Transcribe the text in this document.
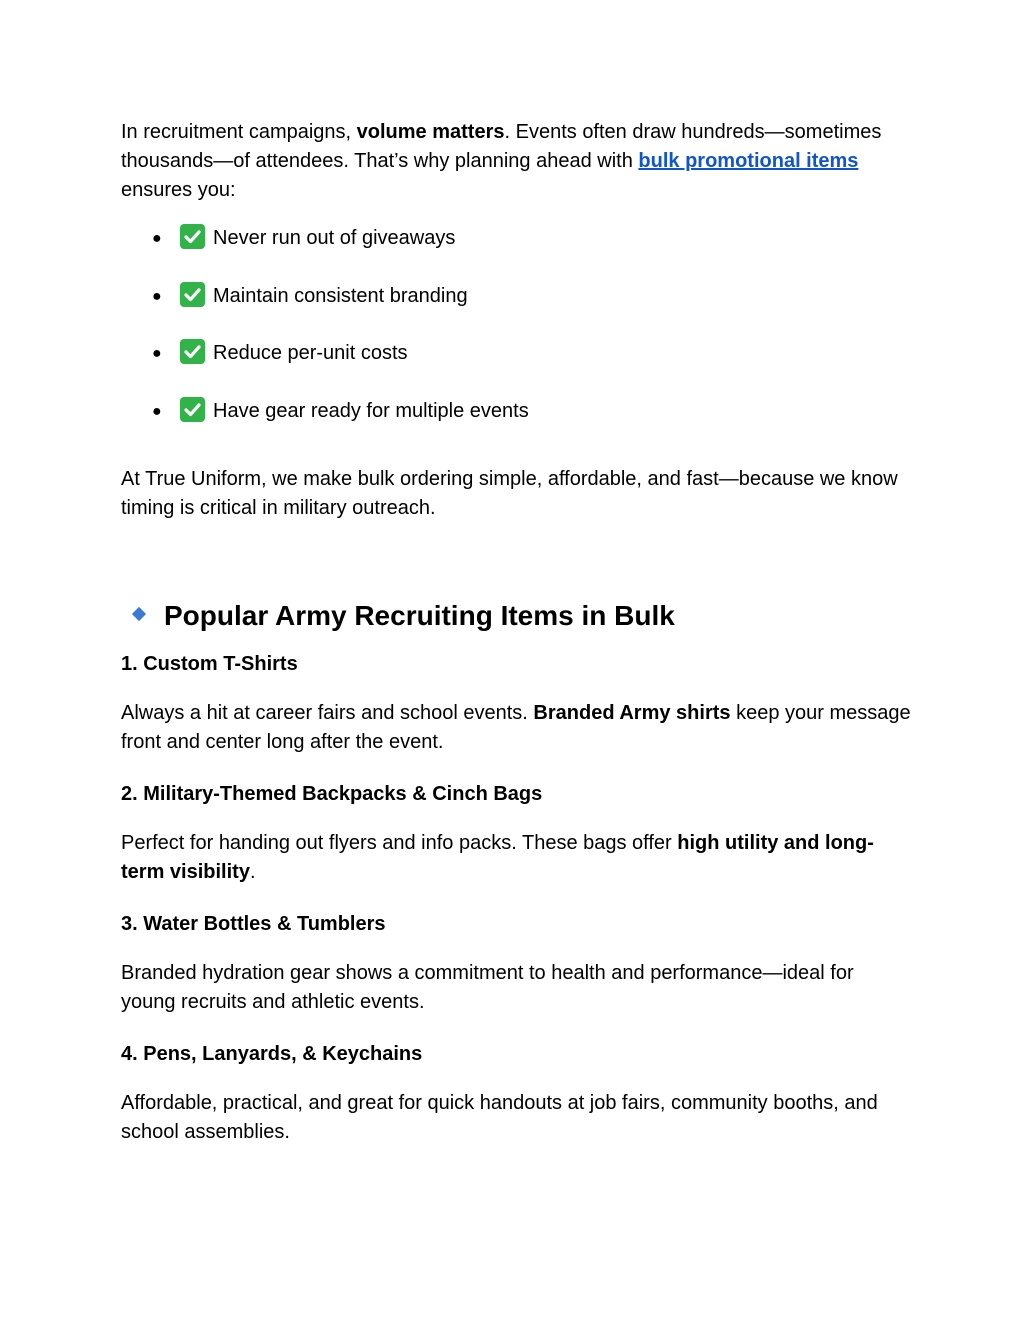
In recruitment campaigns, volume matters. Events often draw hundreds—sometimes thousands—of attendees. That’s why planning ahead with bulk promotional items ensures you:

●	Never run out of giveaways
●	Maintain consistent branding
●	Reduce per-unit costs
●	Have gear ready for multiple events

At True Uniform, we make bulk ordering simple, affordable, and fast—because we know timing is critical in military outreach.

Popular Army Recruiting Items in Bulk
1. Custom T-Shirts

Always a hit at career fairs and school events. Branded Army shirts keep your message front and center long after the event.

2. Military-Themed Backpacks & Cinch Bags

Perfect for handing out flyers and info packs. These bags offer high utility and long-term visibility.

3. Water Bottles & Tumblers

Branded hydration gear shows a commitment to health and performance—ideal for young recruits and athletic events.

4. Pens, Lanyards, & Keychains

Affordable, practical, and great for quick handouts at job fairs, community booths, and school assemblies.
